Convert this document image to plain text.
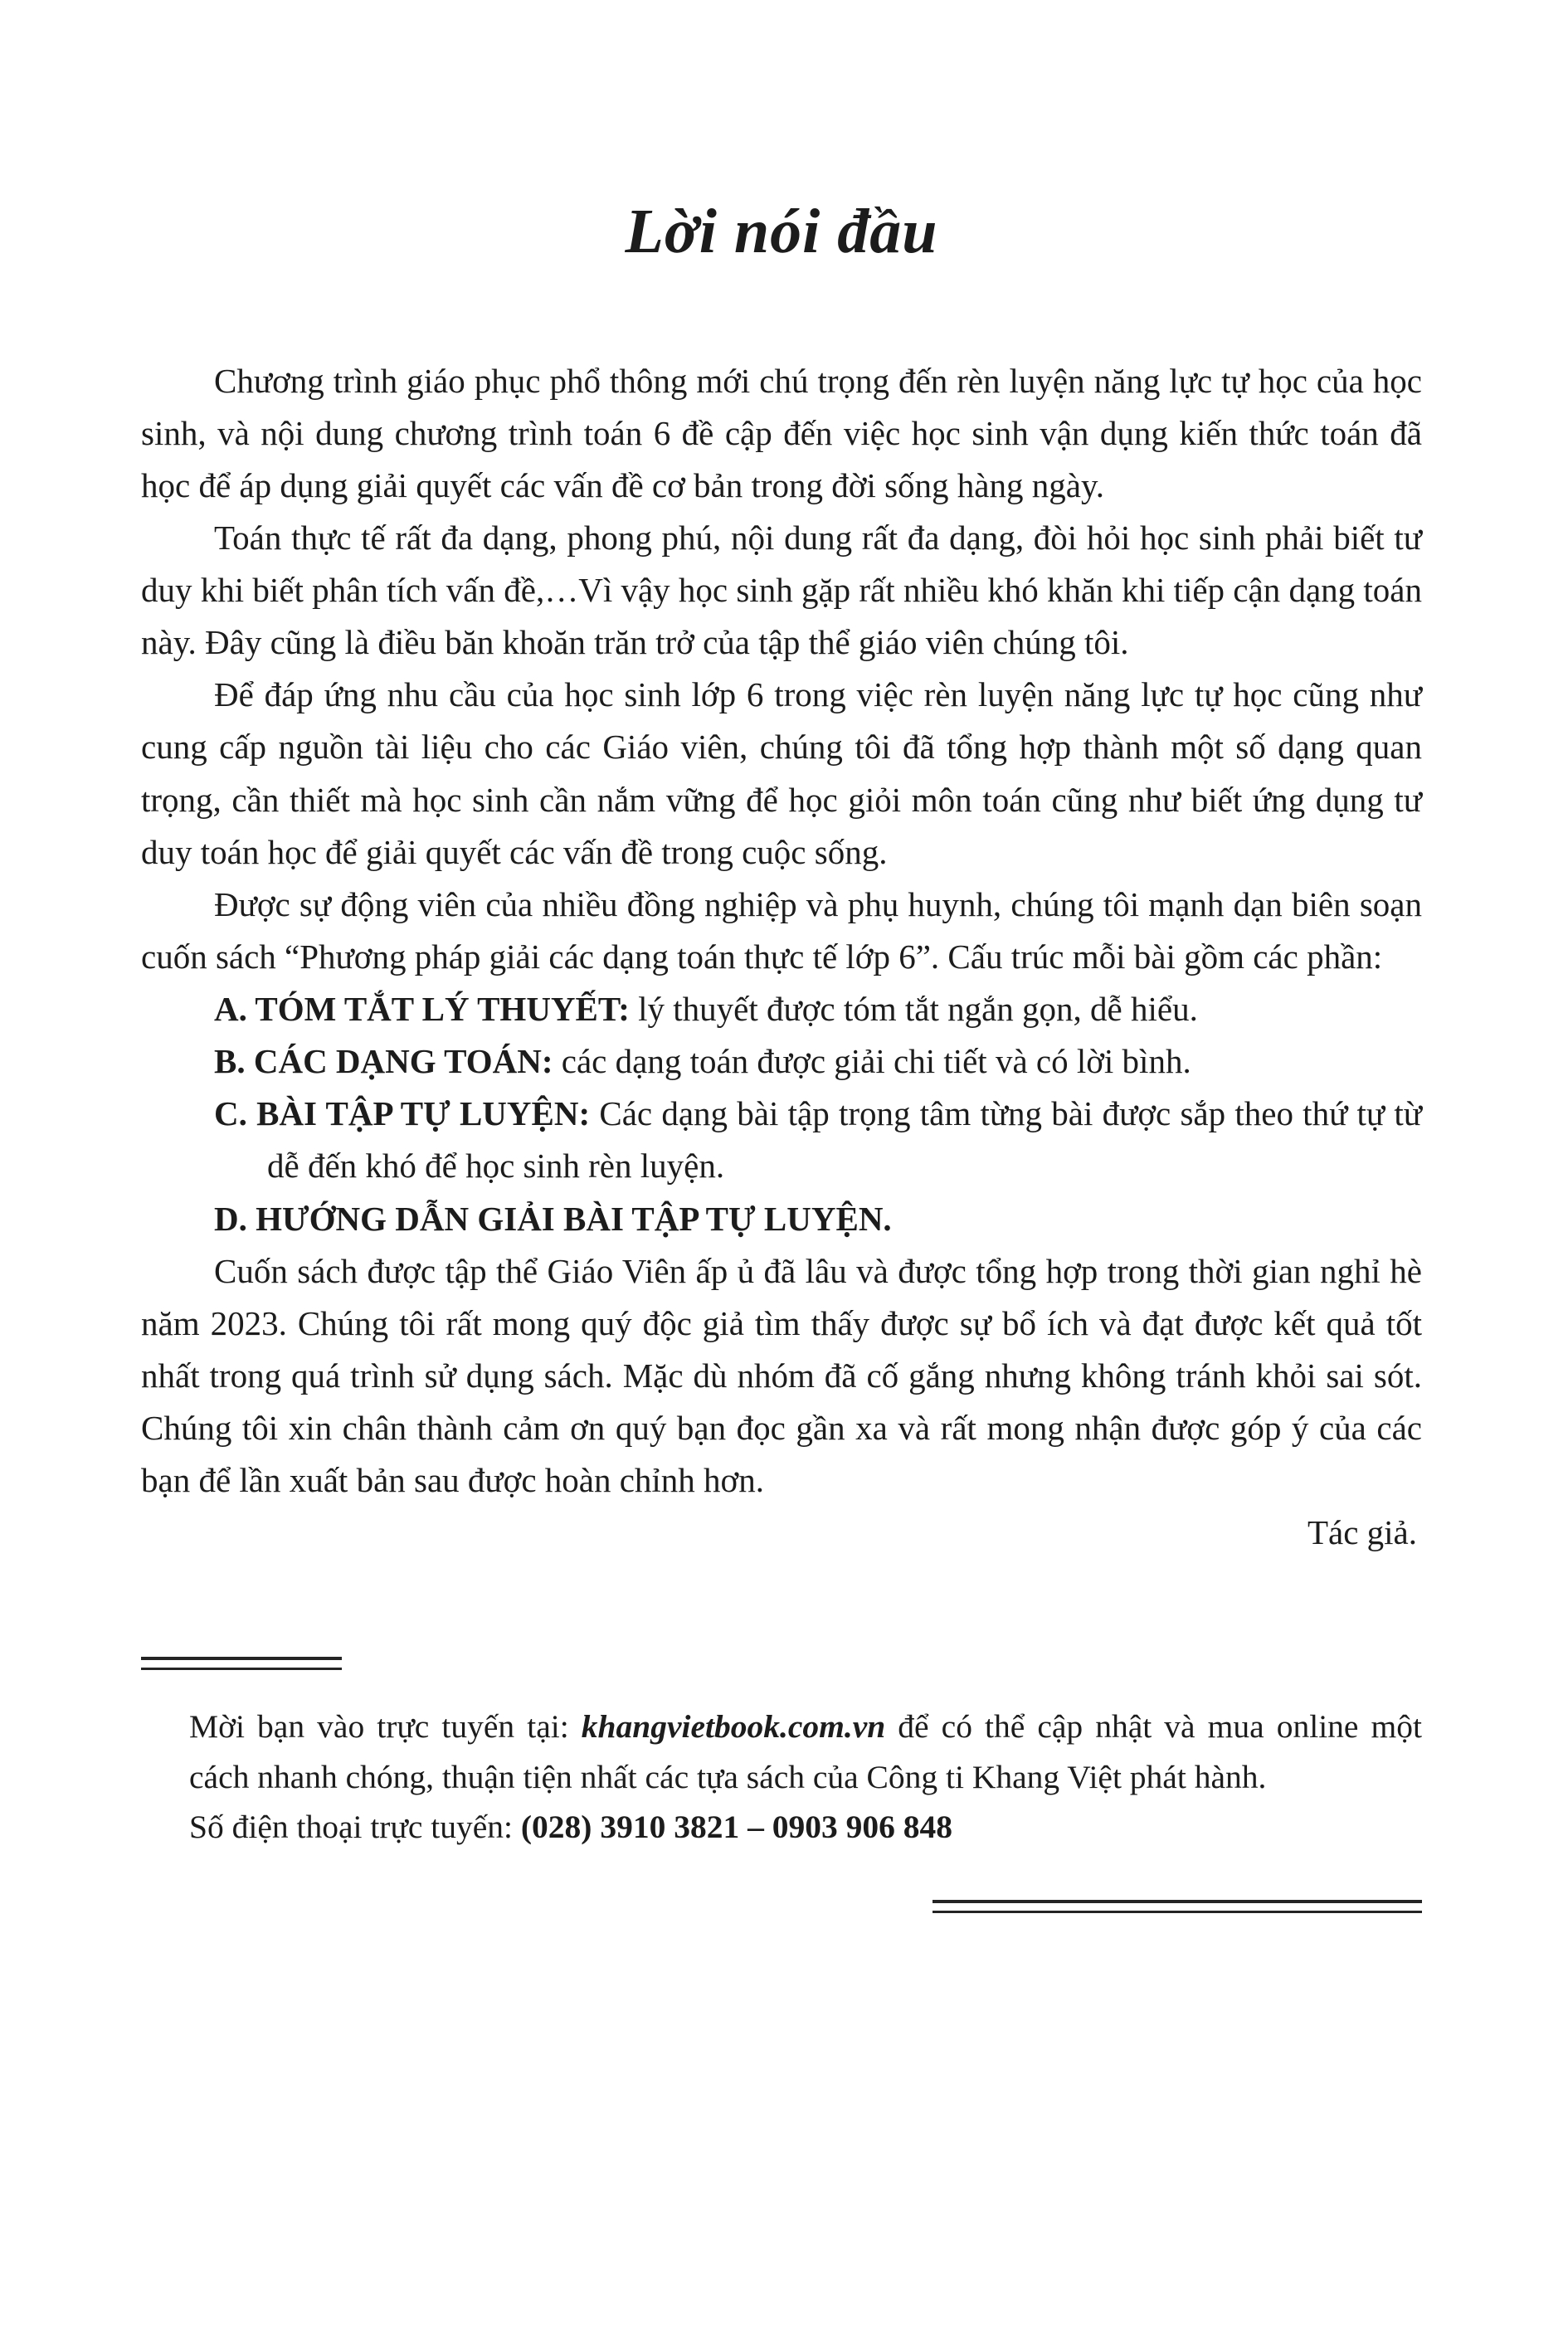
Lời nói đầu

Chương trình giáo phục phổ thông mới chú trọng đến rèn luyện năng lực tự học của học sinh, và nội dung chương trình toán 6 đề cập đến việc học sinh vận dụng kiến thức toán đã học để áp dụng giải quyết các vấn đề cơ bản trong đời sống hàng ngày.

Toán thực tế rất đa dạng, phong phú, nội dung rất đa dạng, đòi hỏi học sinh phải biết tư duy khi biết phân tích vấn đề,…Vì vậy học sinh gặp rất nhiều khó khăn khi tiếp cận dạng toán này. Đây cũng là điều băn khoăn trăn trở của tập thể giáo viên chúng tôi.

Để đáp ứng nhu cầu của học sinh lớp 6 trong việc rèn luyện năng lực tự học cũng như cung cấp nguồn tài liệu cho các Giáo viên, chúng tôi đã tổng hợp thành một số dạng quan trọng, cần thiết mà học sinh cần nắm vững để học giỏi môn toán cũng như biết ứng dụng tư duy toán học để giải quyết các vấn đề trong cuộc sống.

Được sự động viên của nhiều đồng nghiệp và phụ huynh, chúng tôi mạnh dạn biên soạn cuốn sách “Phương pháp giải các dạng toán thực tế lớp 6”. Cấu trúc mỗi bài gồm các phần:

A. TÓM TẮT LÝ THUYẾT: lý thuyết được tóm tắt ngắn gọn, dễ hiểu.

B. CÁC DẠNG TOÁN: các dạng toán được giải chi tiết và có lời bình.

C. BÀI TẬP TỰ LUYỆN: Các dạng bài tập trọng tâm từng bài được sắp theo thứ tự từ dễ đến khó để học sinh rèn luyện.

D. HƯỚNG DẪN GIẢI BÀI TẬP TỰ LUYỆN.

Cuốn sách được tập thể Giáo Viên ấp ủ đã lâu và được tổng hợp trong thời gian nghỉ hè năm 2023. Chúng tôi rất mong quý độc giả tìm thấy được sự bổ ích và đạt được kết quả tốt nhất trong quá trình sử dụng sách. Mặc dù nhóm đã cố gắng nhưng không tránh khỏi sai sót. Chúng tôi xin chân thành cảm ơn quý bạn đọc gần xa và rất mong nhận được góp ý của các bạn để lần xuất bản sau được hoàn chỉnh hơn.

Tác giả.

Mời bạn vào trực tuyến tại: khangvietbook.com.vn để có thể cập nhật và mua online một cách nhanh chóng, thuận tiện nhất các tựa sách của Công ti Khang Việt phát hành.

Số điện thoại trực tuyến: (028) 3910 3821 – 0903 906 848
